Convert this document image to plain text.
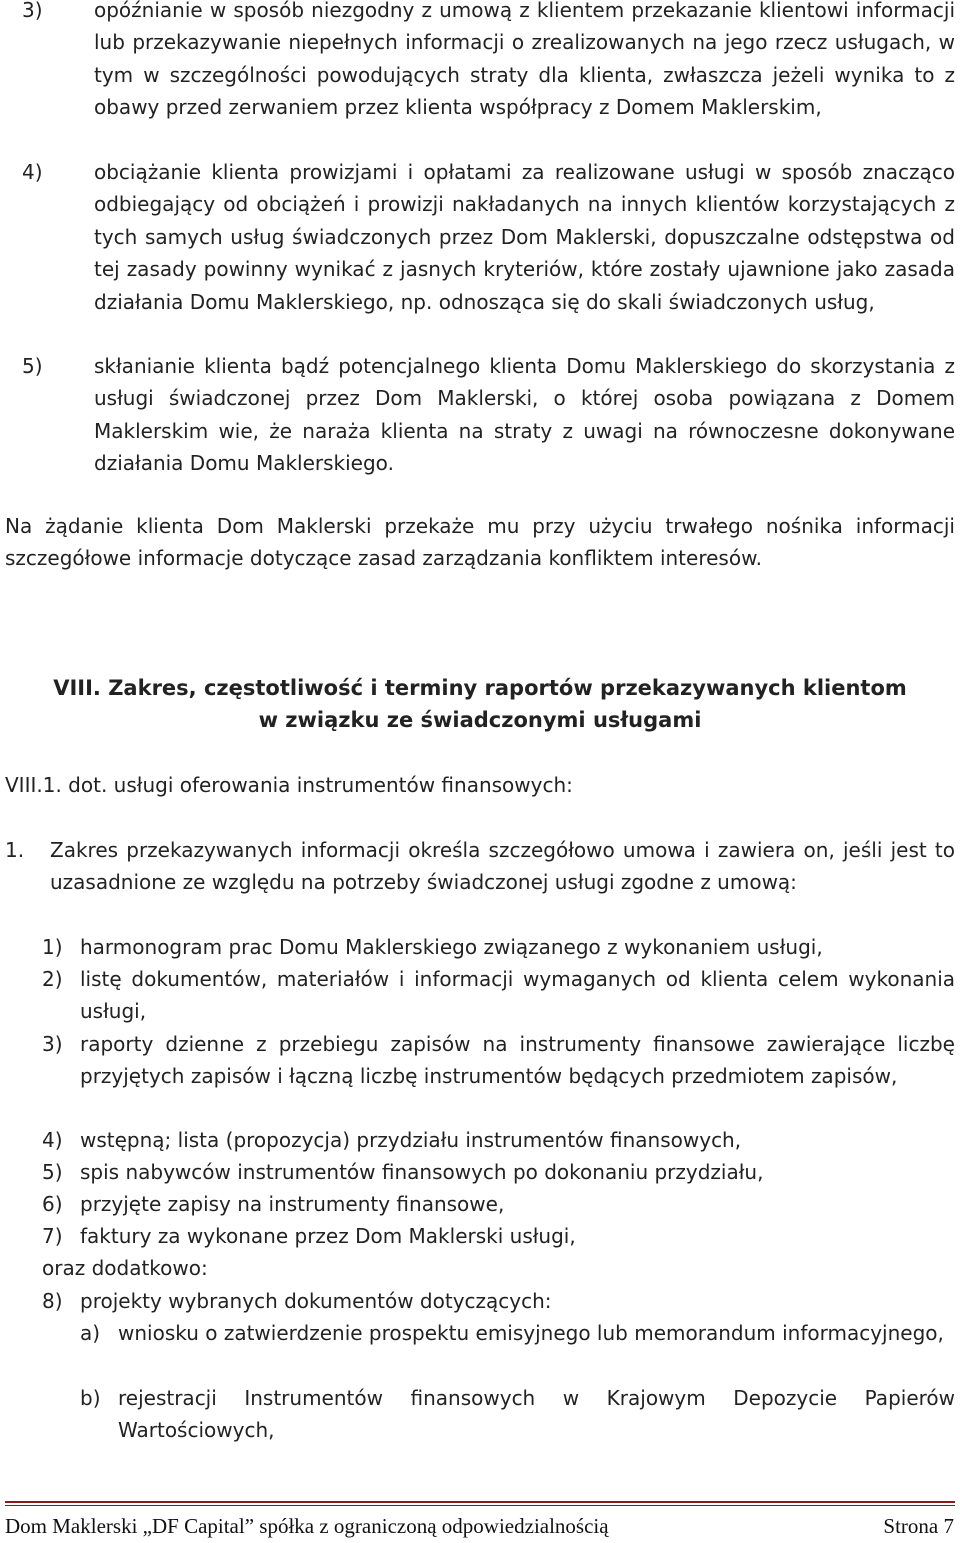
3)	opóźnianie w sposób niezgodny z umową z klientem przekazanie klientowi informacji lub przekazywanie niepełnych informacji o zrealizowanych na jego rzecz usługach, w tym w szczególności powodujących straty dla klienta, zwłaszcza jeżeli wynika to z obawy przed zerwaniem przez klienta współpracy z Domem Maklerskim,
4)	obciążanie klienta prowizjami i opłatami za realizowane usługi w sposób znacząco odbiegający od obciążeń i prowizji nakładanych na innych klientów korzystających z tych samych usług świadczonych przez Dom Maklerski, dopuszczalne odstępstwa od tej zasady powinny wynikać z jasnych kryteriów, które zostały ujawnione jako zasada działania Domu Maklerskiego, np. odnosząca się do skali świadczonych usług,
5)	skłanianie klienta bądź potencjalnego klienta Domu Maklerskiego do skorzystania z usługi świadczonej przez Dom Maklerski, o której osoba powiązana z Domem Maklerskim wie, że naraża klienta na straty z uwagi na równoczesne dokonywane działania Domu Maklerskiego.

Na żądanie klienta Dom Maklerski przekaże mu przy użyciu trwałego nośnika informacji szczegółowe informacje dotyczące zasad zarządzania konfliktem interesów.

VIII. Zakres, częstotliwość i terminy raportów przekazywanych klientom
w związku ze świadczonymi usługami
VIII.1. dot. usługi oferowania instrumentów finansowych:
1. Zakres przekazywanych informacji określa szczegółowo umowa i zawiera on, jeśli jest to uzasadnione ze względu na potrzeby świadczonej usługi zgodne z umową:
1) harmonogram prac Domu Maklerskiego związanego z wykonaniem usługi,
2) listę dokumentów, materiałów i informacji wymaganych od klienta celem wykonania usługi,
3) raporty dzienne z przebiegu zapisów na instrumenty finansowe zawierające liczbę przyjętych zapisów i łączną liczbę instrumentów będących przedmiotem zapisów,
4) wstępną; lista (propozycja) przydziału instrumentów finansowych,
5) spis nabywców instrumentów finansowych po dokonaniu przydziału,
6) przyjęte zapisy na instrumenty finansowe,
7) faktury za wykonane przez Dom Maklerski usługi,
oraz dodatkowo:
8) projekty wybranych dokumentów dotyczących:
a) wniosku o zatwierdzenie prospektu emisyjnego lub memorandum informacyjnego,
b) rejestracji Instrumentów finansowych w Krajowym Depozycie Papierów Wartościowych,
Dom Maklerski „DF Capital” spółka z ograniczoną odpowiedzialnością	Strona 7
